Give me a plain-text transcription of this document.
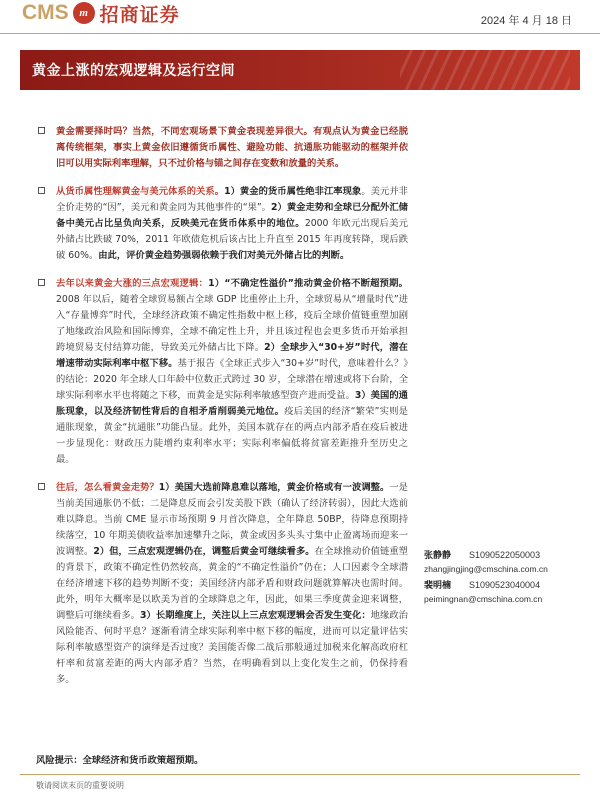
CMS m 招商证券	2024 年 4 月 18 日
黄金上涨的宏观逻辑及运行空间

黄金需要择时吗？当然，不同宏观场景下黄金表现差异很大。有观点认为黄金已经脱离传统框架，事实上黄金依旧遵循货币属性、避险功能、抗通胀功能驱动的框架并依旧可以用实际利率理解，只不过价格与锚之间存在变数和放量的关系。

从货币属性理解黄金与美元体系的关系。1）黄金的货币属性绝非江率现象。美元并非全价走势的“因”，美元和黄金同为其他事件的“果”。2）黄金走势和全球已分配外汇储备中美元占比呈负向关系，反映美元在货币体系中的地位。2000 年欧元出现后美元外储占比跌破 70%，2011 年欧债危机后该占比上升直至 2015 年再度转降，现后跌破 60%。由此，评价黄金趋势强弱依赖于我们对美元外储占比的判断。

去年以来黄金大涨的三点宏观逻辑：1）“不确定性溢价”推动黄金价格不断超预期。2008 年以后，随着全球贸易额占全球 GDP 比重停止上升，全球贸易从“增量时代”进入“存量博弈”时代，全球经济政策不确定性指数中枢上移，疫后全球价值链重塑加剧了地缘政治风险和国际博弈，全球不确定性上升，并且该过程也会更多货币开始承担跨境贸易支付结算功能，导致美元外储占比下降。2）全球步入“30+岁”时代，潜在增速带动实际利率中枢下移。基于报告《全球正式步入“30+岁”时代，意味着什么？》的结论：2020 年全球人口年龄中位数正式跨过 30 岁，全球潜在增速或将下台阶，全球实际利率水平也将随之下移，而黄金是实际利率敏感型资产进而受益。3）美国的通胀现象，以及经济韧性背后的自相矛盾削弱美元地位。疫后美国的经济“繁荣”实则是通胀现象，黄金“抗通胀”功能凸显。此外，美国本就存在的两点内部矛盾在疫后被进一步显现化：财政压力陡增约束利率水平；实际利率偏低将贫富差距推升至历史之最。

往后，怎么看黄金走势？1）美国大选前降息难以落地，黄金价格或有一波调整。一是当前美国通胀仍不低；二是降息反而会引发美股下跌（确认了经济转弱），因此大选前难以降息。当前 CME 显示市场预期 9 月首次降息，全年降息 50BP，待降息预期持续落空，10 年期美债收益率加速攀升之际，黄金或因多头头寸集中止盈离场而迎来一波调整。2）但，三点宏观逻辑仍在，调整后黄金可继续看多。在全球推动价值链重塑的背景下，政策不确定性仍然较高，黄金的“不确定性溢价”仍在；人口因素令全球潜在经济增速下移的趋势判断不变；美国经济内部矛盾和财政问题就算解决也需时间。此外，明年大概率是以欧美为首的全球降息之年，因此，如果三季度黄金迎来调整，调整后可继续看多。3）长期维度上，关注以上三点宏观逻辑会否发生变化：地缘政治风险能否、何时平息？逐渐看清全球实际利率中枢下移的幅度，进而可以定量评估实际利率敏感型资产的演绎是否过度？美国能否像二战后那般通过加税来化解高政府杠杆率和贫富差距的两大内部矛盾？当然，在明确看到以上变化发生之前，仍保持看多。

风险提示：全球经济和货币政策超预期。
张静静	S1090522050003
zhangjingjing@cmschina.com.cn
裴明楠	S1090523040004
peimingnan@cmschina.com.cn
敬请阅读末页的重要说明
